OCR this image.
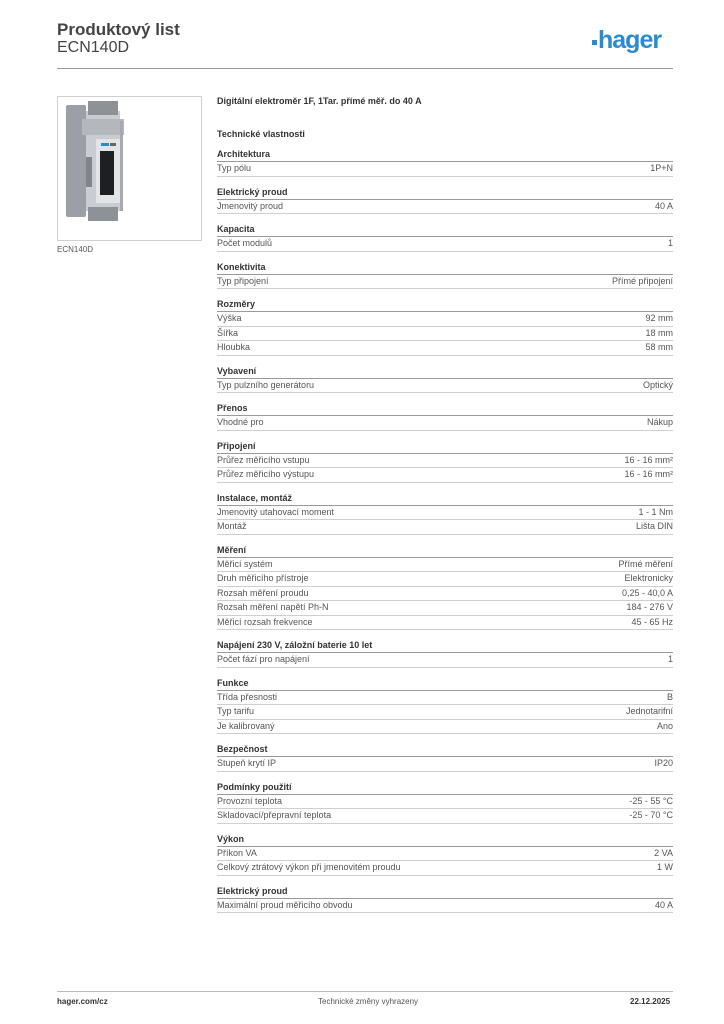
Produktový list
ECN140D	hager
ECN140D
Digitální elektroměr 1F, 1Tar. přímé měř. do 40 A
Technické vlastnosti
Architektura
Typ pólu	1P+N
Elektrický proud
Jmenovitý proud	40 A
Kapacita
Počet modulů	1
Konektivita
Typ připojení	Přímé připojení
Rozměry
Výška	92 mm
Šířka	18 mm
Hloubka	58 mm
Vybavení
Typ pulzního generátoru	Optický
Přenos
Vhodné pro	Nákup
Připojení
Průřez měřicího vstupu	16 - 16 mm²
Průřez měřicího výstupu	16 - 16 mm²
Instalace, montáž
Jmenovitý utahovací moment	1 - 1 Nm
Montáž	Lišta DIN
Měření
Měřicí systém	Přímé měření
Druh měřicího přístroje	Elektronicky
Rozsah měření proudu	0,25 - 40,0 A
Rozsah měření napětí Ph-N	184 - 276 V
Měřicí rozsah frekvence	45 - 65 Hz
Napájení 230 V, záložní baterie 10 let
Počet fází pro napájení	1
Funkce
Třída přesnosti	B
Typ tarifu	Jednotarifní
Je kalibrovaný	Ano
Bezpečnost
Stupeň krytí IP	IP20
Podmínky použití
Provozní teplota	-25 - 55 °C
Skladovací/přepravní teplota	-25 - 70 °C
Výkon
Příkon VA	2 VA
Celkový ztrátový výkon při jmenovitém proudu	1 W
Elektrický proud
Maximální proud měřicího obvodu	40 A
hager.com/cz	Technické změny vyhrazeny	22.12.2025
